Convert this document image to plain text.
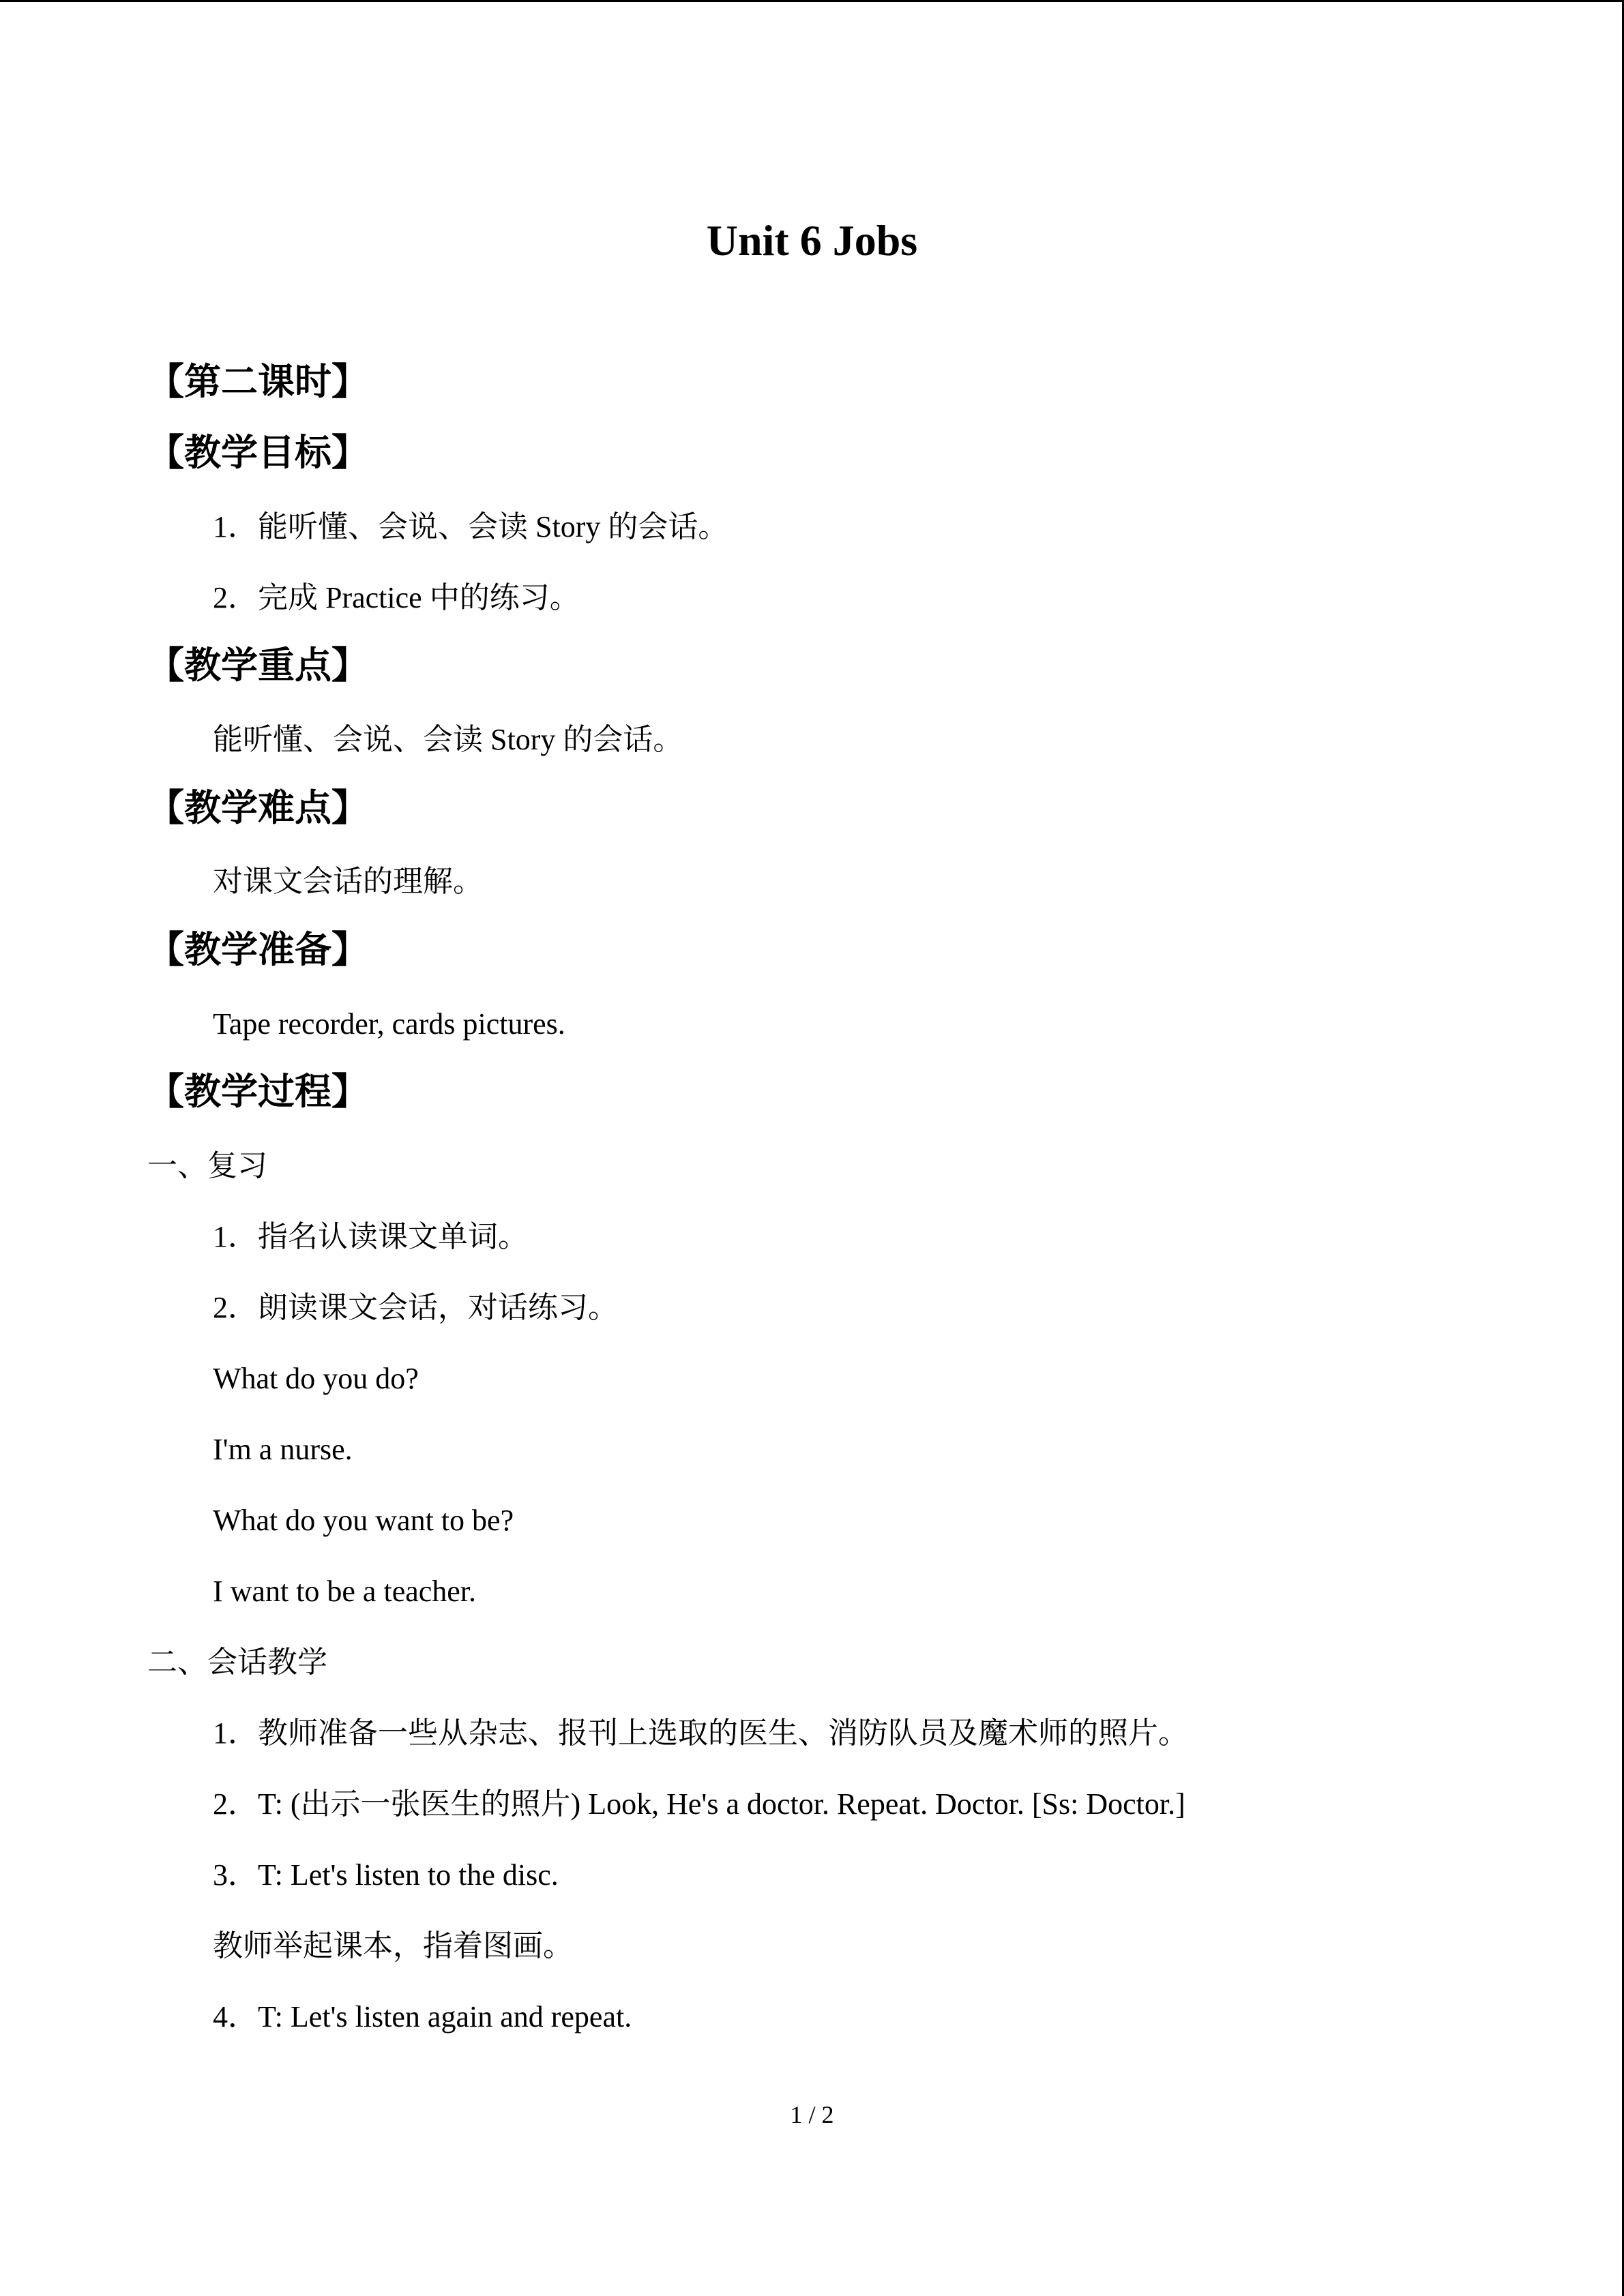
Unit 6 Jobs
【第二课时】
【教学目标】
1．能听懂、会说、会读 Story 的会话。
2．完成 Practice 中的练习。
【教学重点】
能听懂、会说、会读 Story 的会话。
【教学难点】
对课文会话的理解。
【教学准备】
Tape recorder, cards pictures.
【教学过程】
一、复习
1．指名认读课文单词。
2．朗读课文会话，对话练习。
What do you do?
I'm a nurse.
What do you want to be?
I want to be a teacher.
二、会话教学
1．教师准备一些从杂志、报刊上选取的医生、消防队员及魔术师的照片。
2．T: (出示一张医生的照片) Look, He's a doctor. Repeat. Doctor. [Ss: Doctor.]
3．T: Let's listen to the disc.
教师举起课本，指着图画。
4．T: Let's listen again and repeat.
1 / 2
